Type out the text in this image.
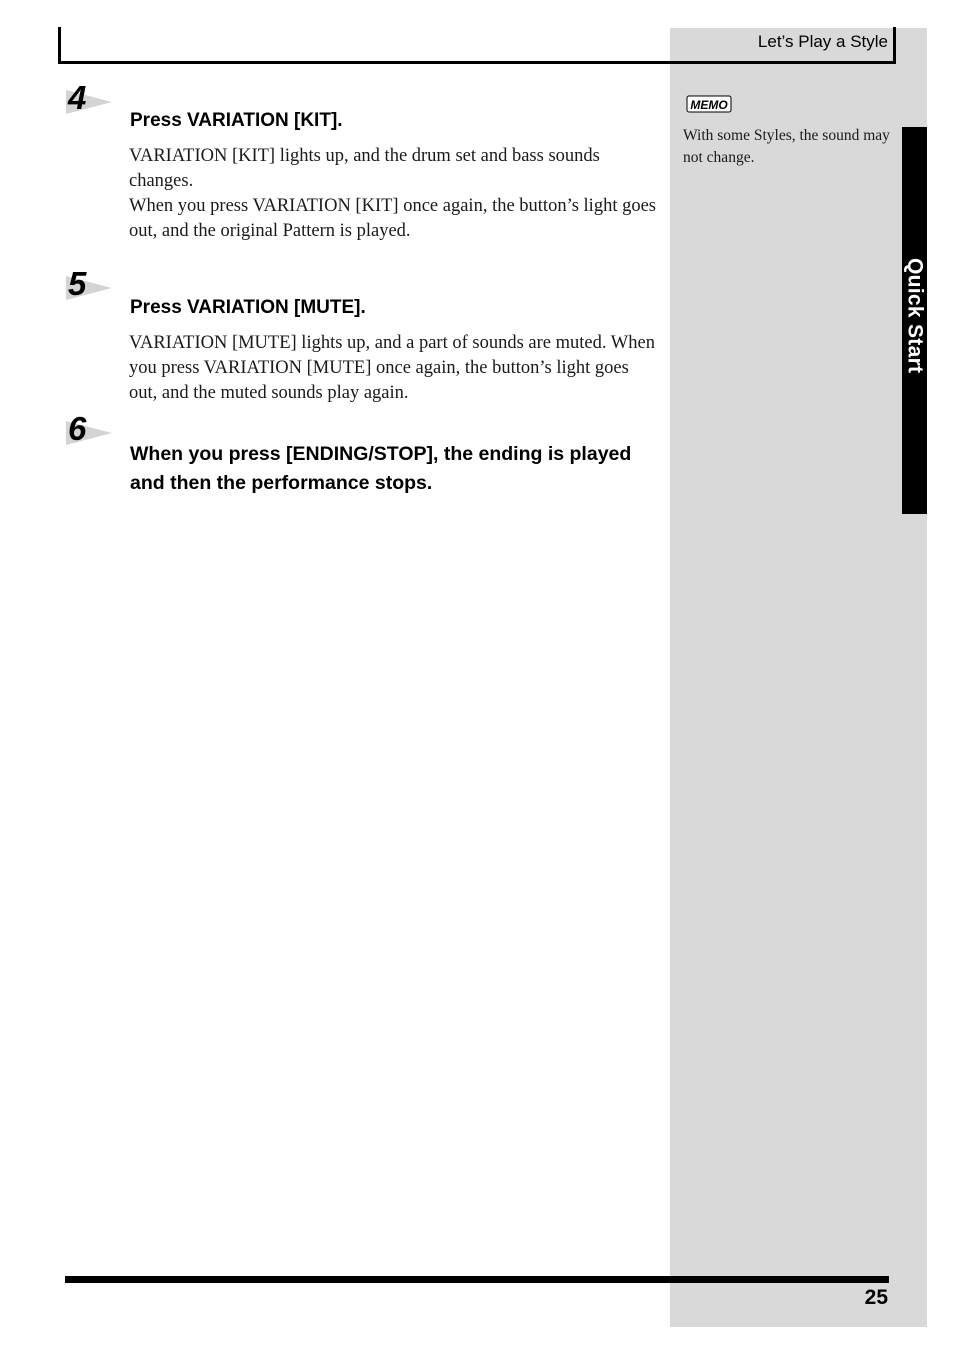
Quick Start
Let’s Play a Style
4
Press VARIATION [KIT].

VARIATION [KIT] lights up, and the drum set and bass sounds changes.

When you press VARIATION [KIT] once again, the button’s light goes out, and the original Pattern is played.

5
Press VARIATION [MUTE].

VARIATION [MUTE] lights up, and a part of sounds are muted. When you press VARIATION [MUTE] once again, the button’s light goes out, and the muted sounds play again.

6
When you press [ENDING/STOP], the ending is played and then the performance stops.
MEMO
With some Styles, the sound may not change.
25
